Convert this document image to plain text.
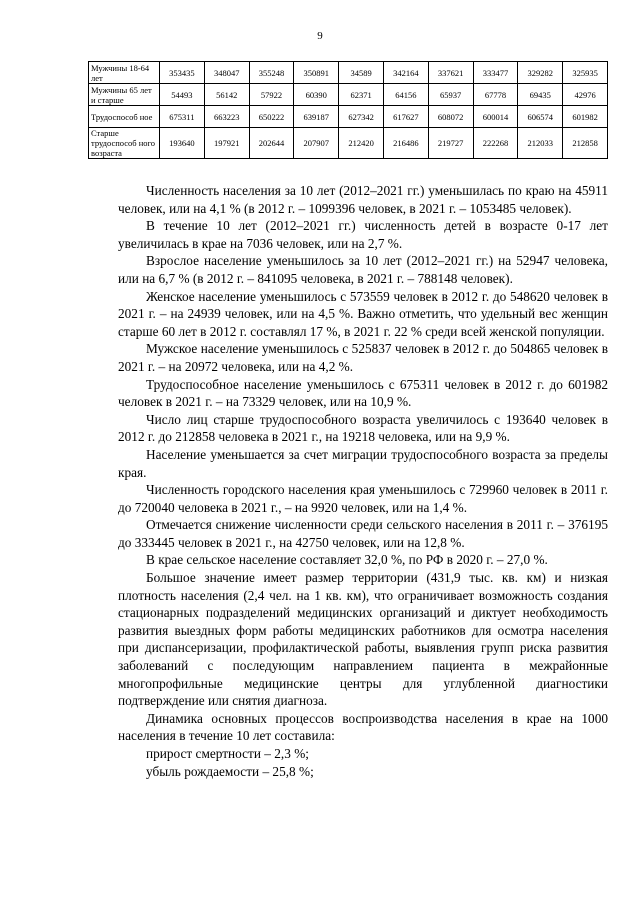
9
Мужчины 18-64 лет	353435	348047	355248	350891	34589	342164	337621	333477	329282	325935
Мужчины 65 лет и старше	54493	56142	57922	60390	62371	64156	65937	67778	69435	42976
Трудоспособ ное	675311	663223	650222	639187	627342	617627	608072	600014	606574	601982
Старше трудоспособ ного возраста	193640	197921	202644	207907	212420	216486	219727	222268	212033	212858

Численность населения за 10 лет (2012–2021 гг.) уменьшилась по краю на 45911 человек, или на 4,1 % (в 2012 г. – 1099396 человек, в 2021 г. – 1053485 человек).

В течение 10 лет (2012–2021 гг.) численность детей в возрасте 0-17 лет увеличилась в крае на 7036 человек, или на 2,7 %.

Взрослое население уменьшилось за 10 лет (2012–2021 гг.) на 52947 человека, или на 6,7 % (в 2012 г. – 841095 человека, в 2021 г. – 788148 человек).

Женское население уменьшилось с 573559 человек в 2012 г. до 548620 человек в 2021 г. – на 24939 человек, или на 4,5 %. Важно отметить, что удельный вес женщин старше 60 лет в 2012 г. составлял 17 %, в 2021 г. 22 % среди всей женской популяции.

Мужское население уменьшилось с 525837 человек в 2012 г. до 504865 человек в 2021 г. – на 20972 человека, или на 4,2 %.

Трудоспособное население уменьшилось с 675311 человек в 2012 г. до 601982 человек в 2021 г. – на 73329 человек, или на 10,9 %.

Число лиц старше трудоспособного возраста увеличилось с 193640 человек в 2012 г. до 212858 человека в 2021 г., на 19218 человека, или на 9,9 %.

Население уменьшается за счет миграции трудоспособного возраста за пределы края.

Численность городского населения края уменьшилось с 729960 человек в 2011 г. до 720040 человека в 2021 г., – на 9920 человек, или на 1,4 %.

Отмечается снижение численности среди сельского населения в 2011 г. – 376195 до 333445 человек в 2021 г., на 42750 человек, или на 12,8 %.

В крае сельское население составляет 32,0 %, по РФ в 2020 г. – 27,0 %.

Большое значение имеет размер территории (431,9 тыс. кв. км) и низкая плотность населения (2,4 чел. на 1 кв. км), что ограничивает возможность создания стационарных подразделений медицинских организаций и диктует необходимость развития выездных форм работы медицинских работников для осмотра населения при диспансеризации, профилактической работы, выявления групп риска развития заболеваний с последующим направлением пациента в межрайонные многопрофильные медицинские центры для углубленной диагностики подтверждение или снятия диагноза.

Динамика основных процессов воспроизводства населения в крае на 1000 населения в течение 10 лет составила:

прирост смертности – 2,3 %;

убыль рождаемости – 25,8 %;
